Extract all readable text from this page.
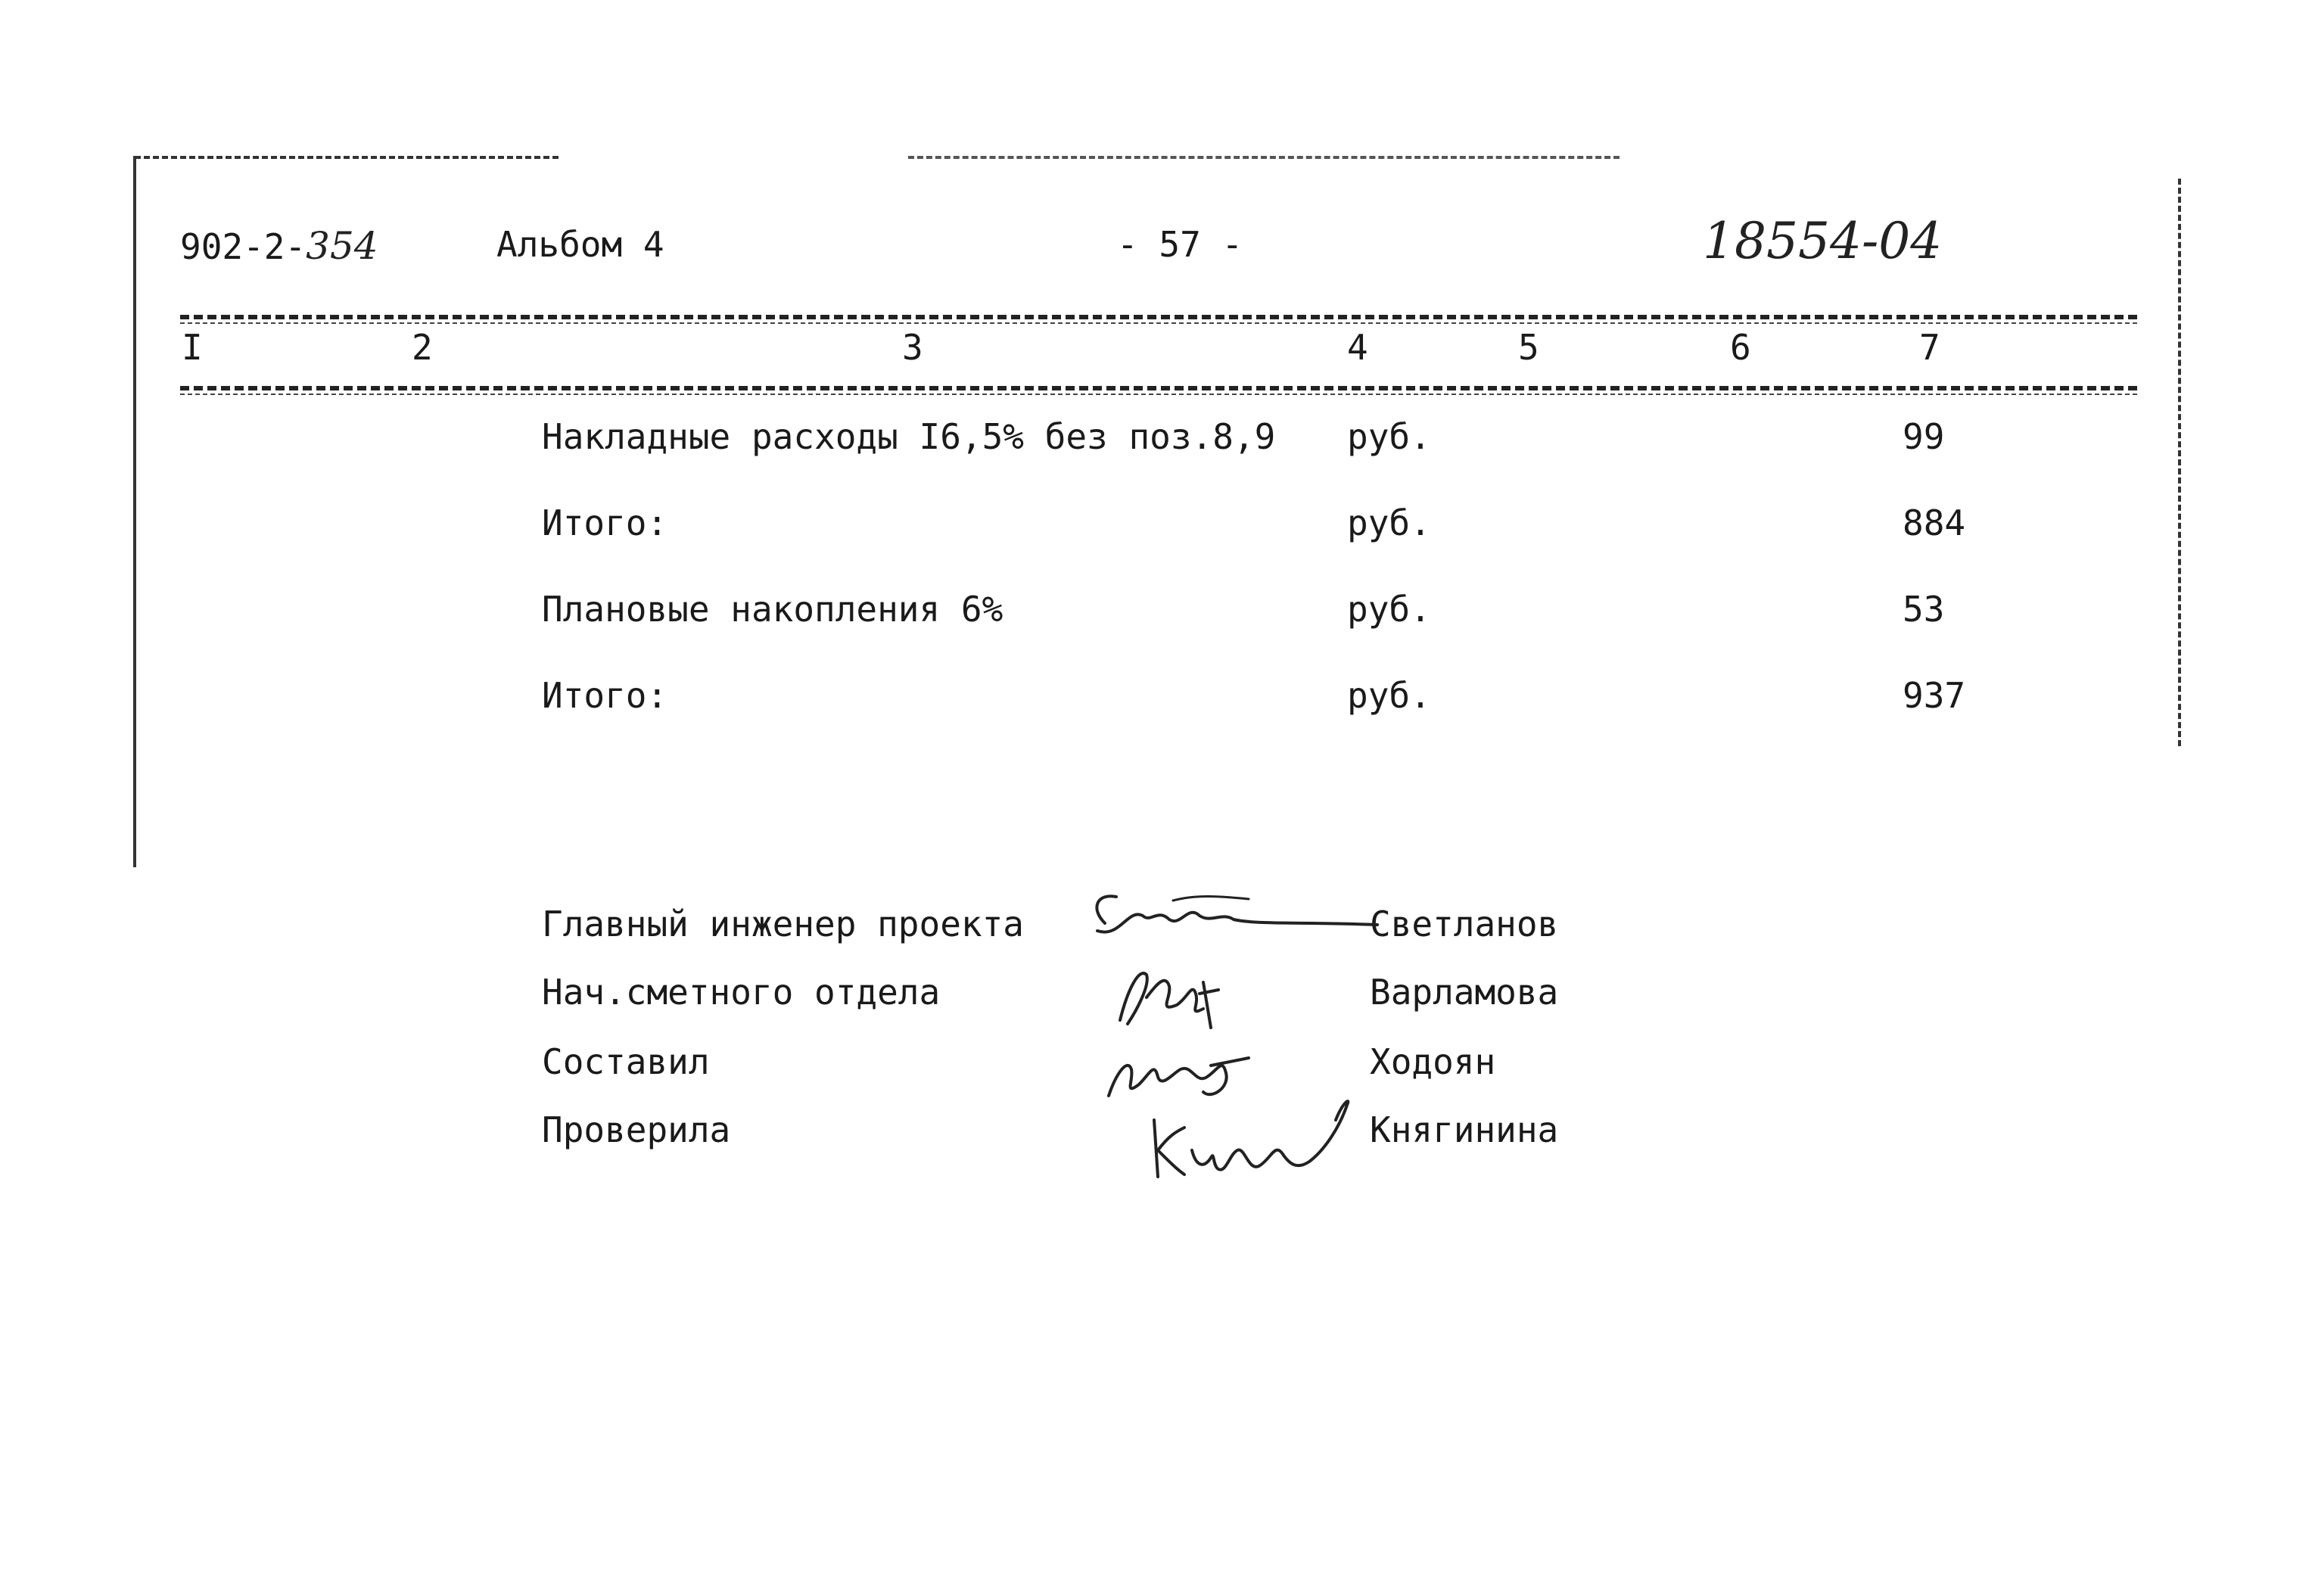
902-2-354	Альбом 4	- 57 -	18554-04
I	2	3	4	5	6	7
Накладные расходы I6,5% без поз.8,9 руб.	99
Итого:	руб.	884
Плановые накопления 6%	руб.	53
Итого:	руб.	937
Главный инженер проекта	Светланов
Нач.сметного отдела	Варламова
Составил	Ходоян
Проверила	Княгинина
